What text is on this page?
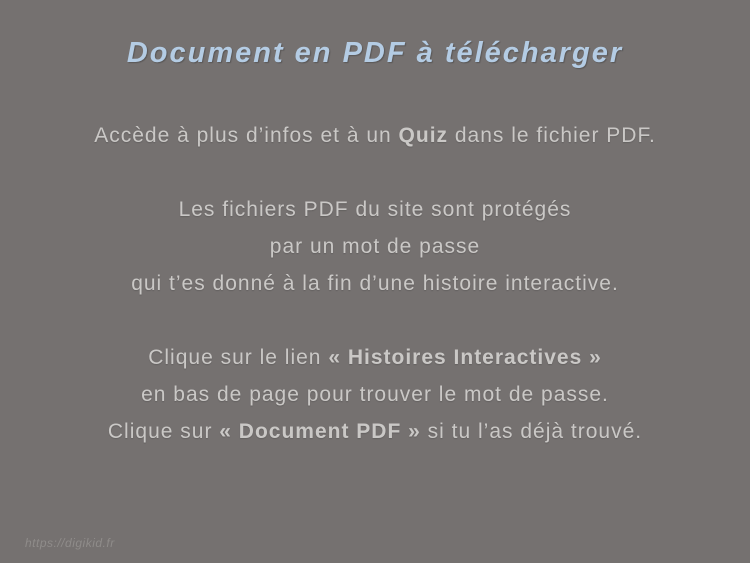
Document en PDF à télécharger

Accède à plus d’infos et à un Quiz dans le fichier PDF.

Les fichiers PDF du site sont protégés

par un mot de passe

qui t’es donné à la fin d’une histoire interactive.

Clique sur le lien « Histoires Interactives »

en bas de page pour trouver le mot de passe.

Clique sur « Document PDF » si tu l’as déjà trouvé.

https://digikid.fr
